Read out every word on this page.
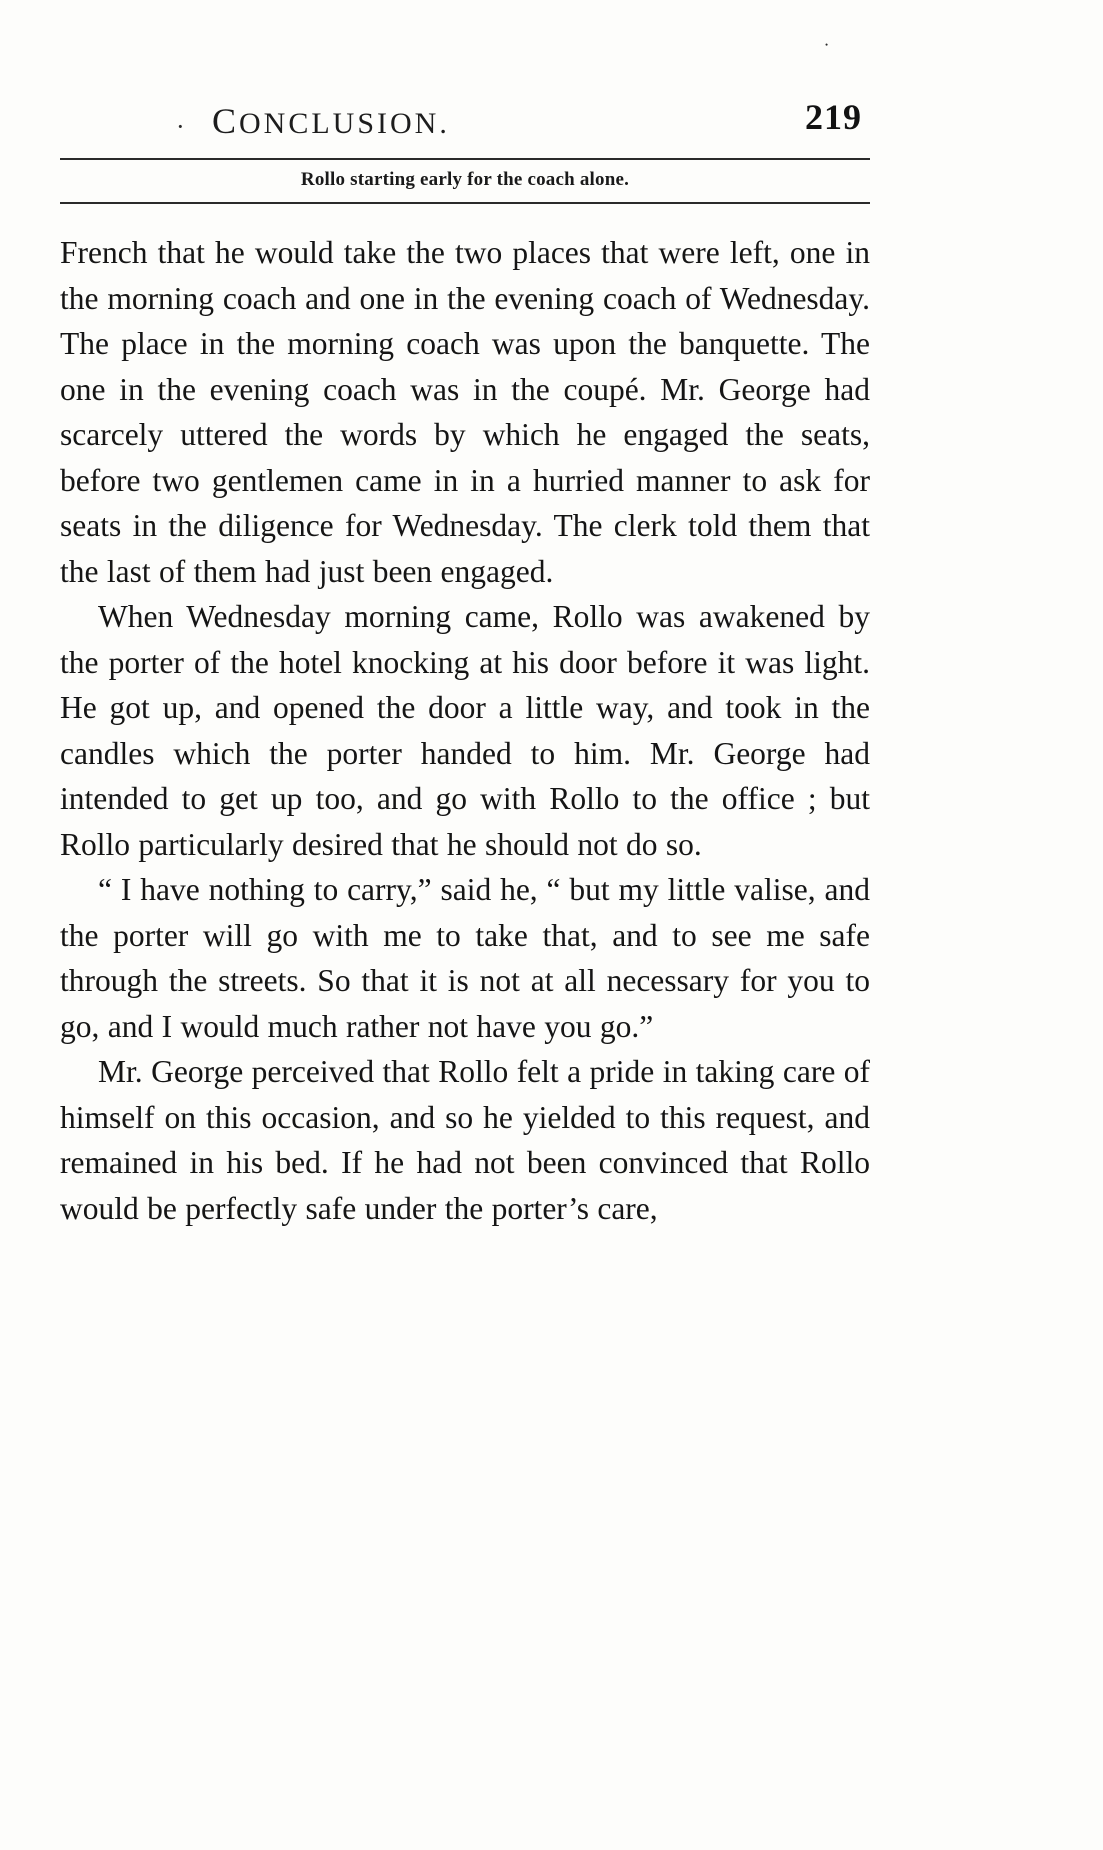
˙
· CONCLUSION.	219
Rollo starting early for the coach alone.

French that he would take the two places that were left, one in the morning coach and one in the evening coach of Wednesday. The place in the morning coach was upon the banquette. The one in the evening coach was in the coupé. Mr. George had scarcely uttered the words by which he engaged the seats, before two gentlemen came in in a hurried manner to ask for seats in the diligence for Wednesday. The clerk told them that the last of them had just been engaged.

When Wednesday morning came, Rollo was awakened by the porter of the hotel knocking at his door before it was light. He got up, and opened the door a little way, and took in the candles which the porter handed to him. Mr. George had intended to get up too, and go with Rollo to the office ; but Rollo particularly desired that he should not do so.

“ I have nothing to carry,” said he, “ but my little valise, and the porter will go with me to take that, and to see me safe through the streets. So that it is not at all necessary for you to go, and I would much rather not have you go.”

Mr. George perceived that Rollo felt a pride in taking care of himself on this occasion, and so he yielded to this request, and remained in his bed. If he had not been convinced that Rollo would be perfectly safe under the porter’s care,
